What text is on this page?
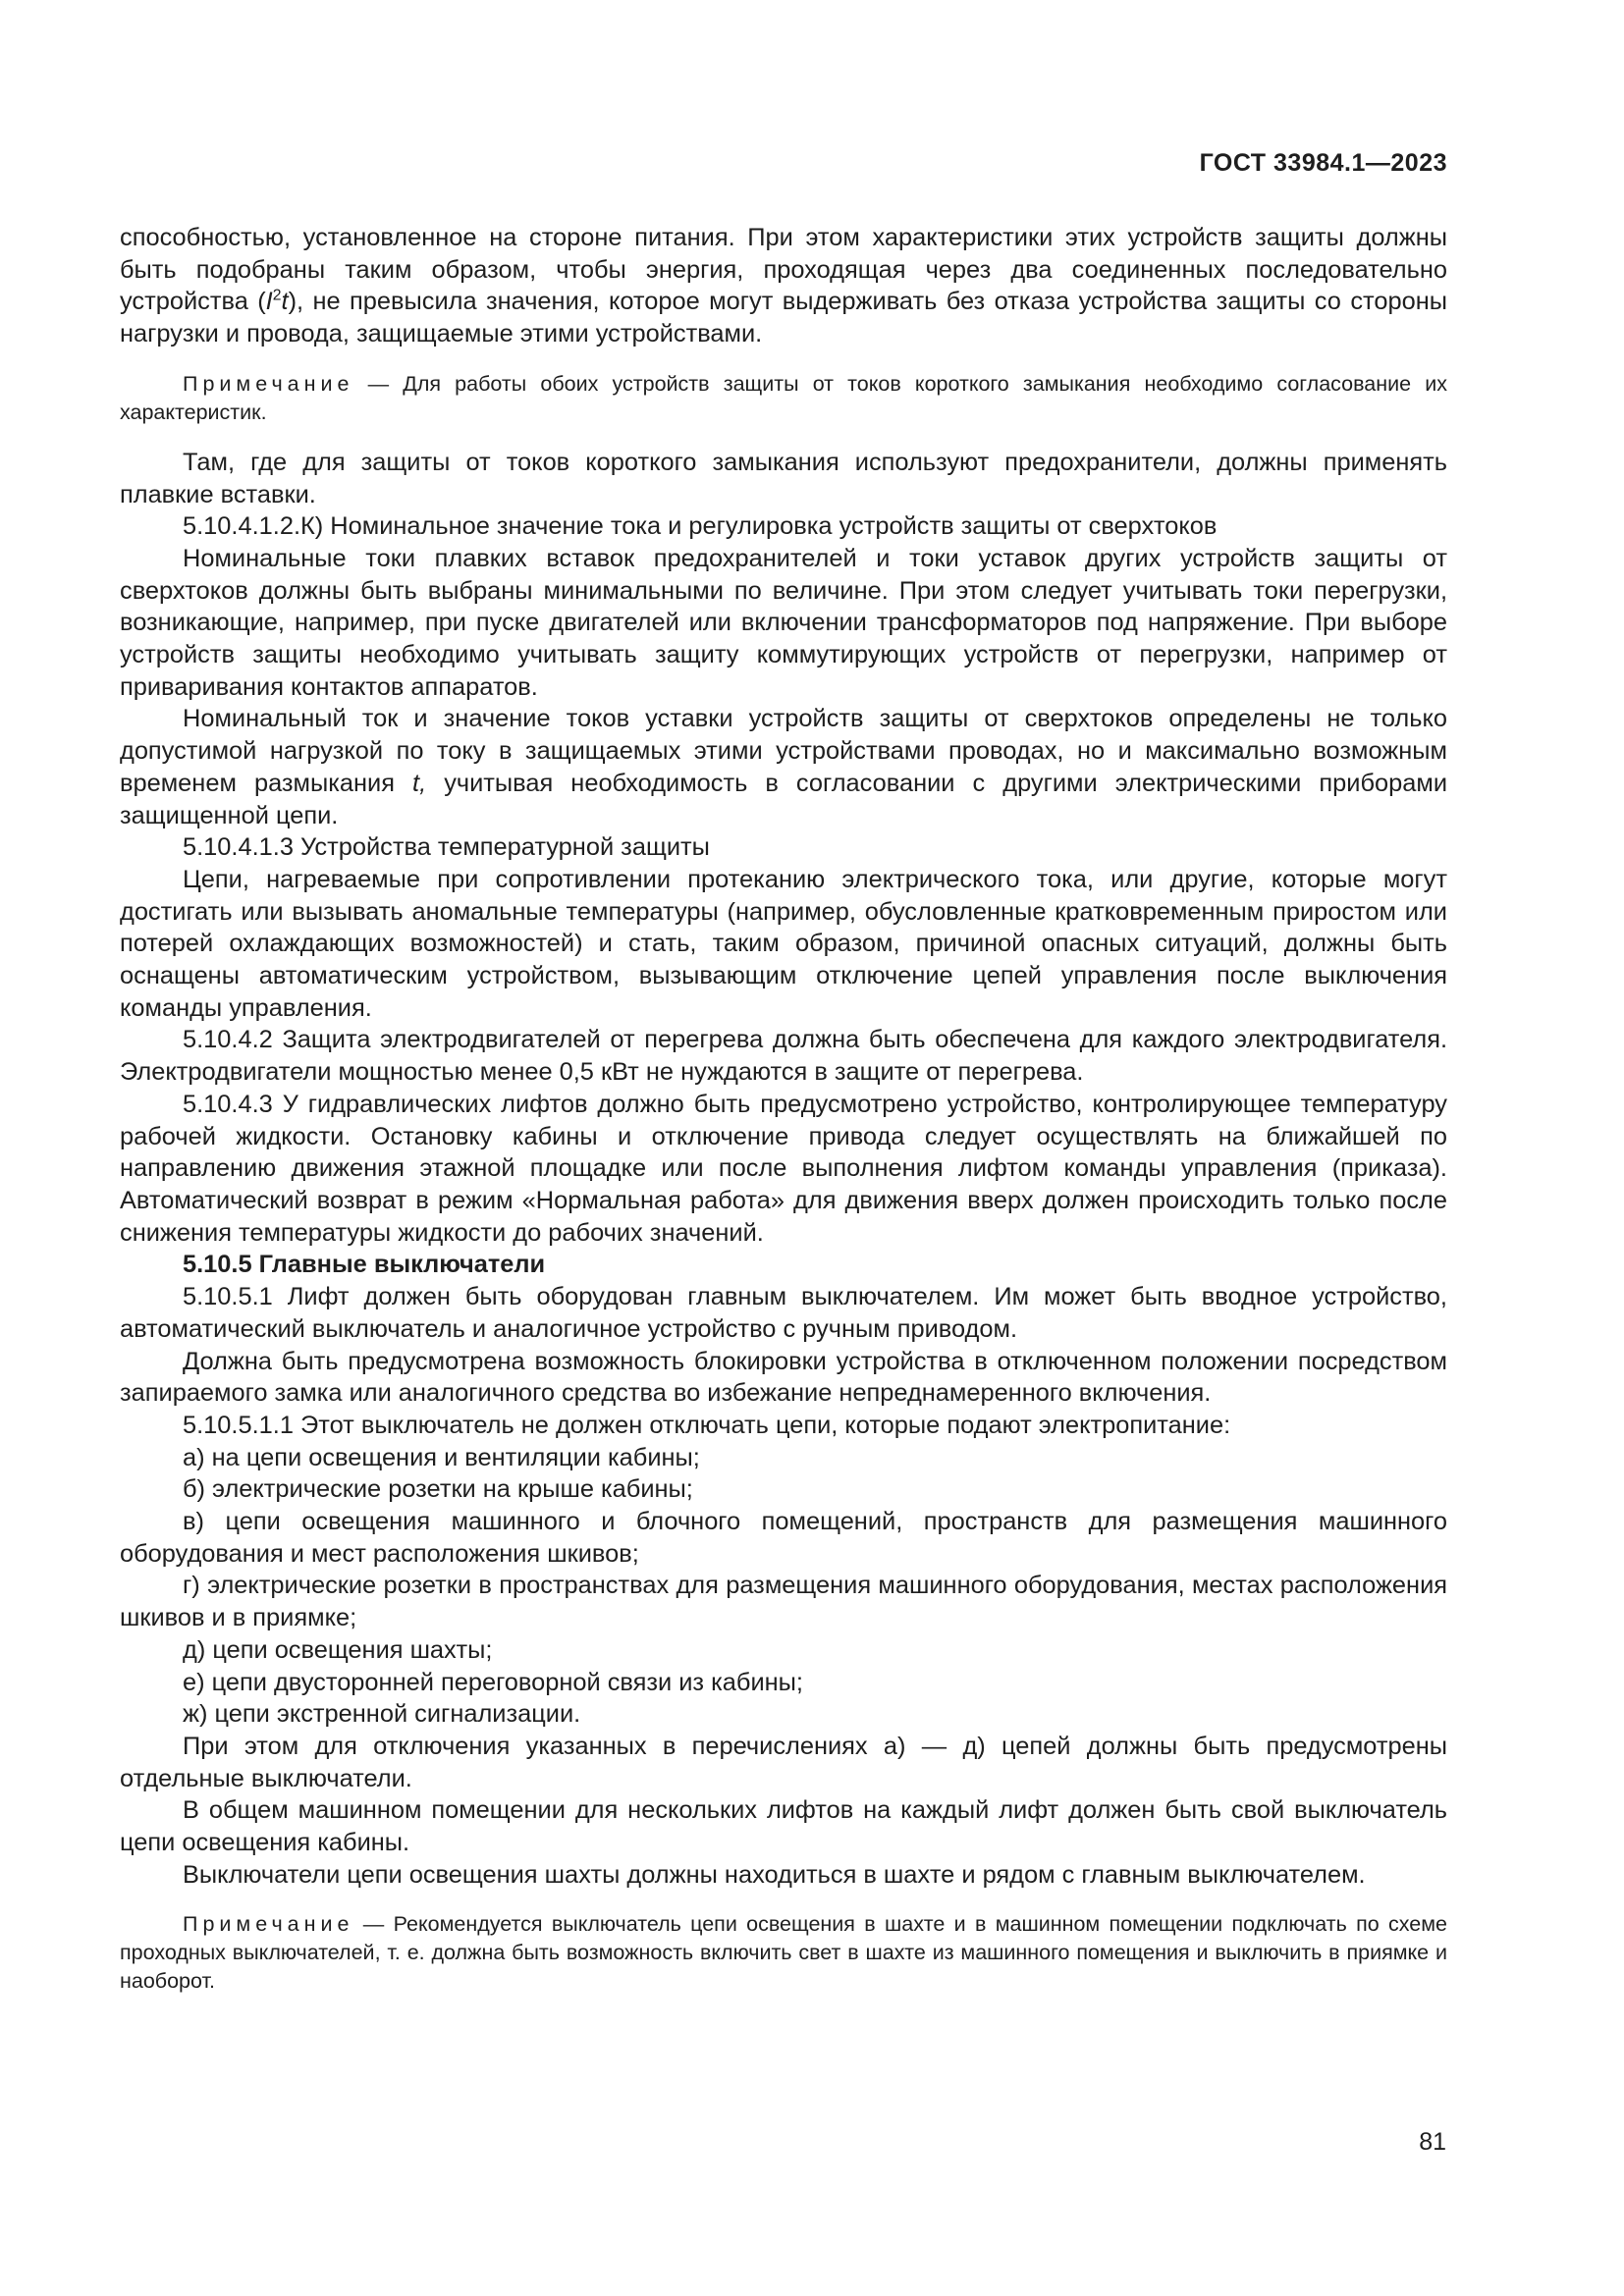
ГОСТ 33984.1—2023

способностью, установленное на стороне питания. При этом характеристики этих устройств защиты должны быть подобраны таким образом, чтобы энергия, проходящая через два соединенных последовательно устройства $(I^2t)$, не превысила значения, которое могут выдерживать без отказа устройства защиты со стороны нагрузки и провода, защищаемые этими устройствами.

Примечание — Для работы обоих устройств защиты от токов короткого замыкания необходимо согласование их характеристик.

Там, где для защиты от токов короткого замыкания используют предохранители, должны применять плавкие вставки.

5.10.4.1.2.К) Номинальное значение тока и регулировка устройств защиты от сверхтоков

Номинальные токи плавких вставок предохранителей и токи уставок других устройств защиты от сверхтоков должны быть выбраны минимальными по величине. При этом следует учитывать токи перегрузки, возникающие, например, при пуске двигателей или включении трансформаторов под напряжение. При выборе устройств защиты необходимо учитывать защиту коммутирующих устройств от перегрузки, например от приваривания контактов аппаратов.

Номинальный ток и значение токов уставки устройств защиты от сверхтоков определены не только допустимой нагрузкой по току в защищаемых этими устройствами проводах, но и максимально возможным временем размыкания t, учитывая необходимость в согласовании с другими электрическими приборами защищенной цепи.

5.10.4.1.3 Устройства температурной защиты

Цепи, нагреваемые при сопротивлении протеканию электрического тока, или другие, которые могут достигать или вызывать аномальные температуры (например, обусловленные кратковременным приростом или потерей охлаждающих возможностей) и стать, таким образом, причиной опасных ситуаций, должны быть оснащены автоматическим устройством, вызывающим отключение цепей управления после выключения команды управления.

5.10.4.2 Защита электродвигателей от перегрева должна быть обеспечена для каждого электродвигателя. Электродвигатели мощностью менее 0,5 кВт не нуждаются в защите от перегрева.

5.10.4.3 У гидравлических лифтов должно быть предусмотрено устройство, контролирующее температуру рабочей жидкости. Остановку кабины и отключение привода следует осуществлять на ближайшей по направлению движения этажной площадке или после выполнения лифтом команды управления (приказа). Автоматический возврат в режим «Нормальная работа» для движения вверх должен происходить только после снижения температуры жидкости до рабочих значений.

5.10.5 Главные выключатели

5.10.5.1 Лифт должен быть оборудован главным выключателем. Им может быть вводное устройство, автоматический выключатель и аналогичное устройство с ручным приводом.

Должна быть предусмотрена возможность блокировки устройства в отключенном положении посредством запираемого замка или аналогичного средства во избежание непреднамеренного включения.

5.10.5.1.1 Этот выключатель не должен отключать цепи, которые подают электропитание:

а) на цепи освещения и вентиляции кабины;

б) электрические розетки на крыше кабины;

в) цепи освещения машинного и блочного помещений, пространств для размещения машинного оборудования и мест расположения шкивов;

г) электрические розетки в пространствах для размещения машинного оборудования, местах расположения шкивов и в приямке;

д) цепи освещения шахты;

е) цепи двусторонней переговорной связи из кабины;

ж) цепи экстренной сигнализации.

При этом для отключения указанных в перечислениях а) — д) цепей должны быть предусмотрены отдельные выключатели.

В общем машинном помещении для нескольких лифтов на каждый лифт должен быть свой выключатель цепи освещения кабины.

Выключатели цепи освещения шахты должны находиться в шахте и рядом с главным выключателем.

Примечание — Рекомендуется выключатель цепи освещения в шахте и в машинном помещении подключать по схеме проходных выключателей, т. е. должна быть возможность включить свет в шахте из машинного помещения и выключить в приямке и наоборот.

81
